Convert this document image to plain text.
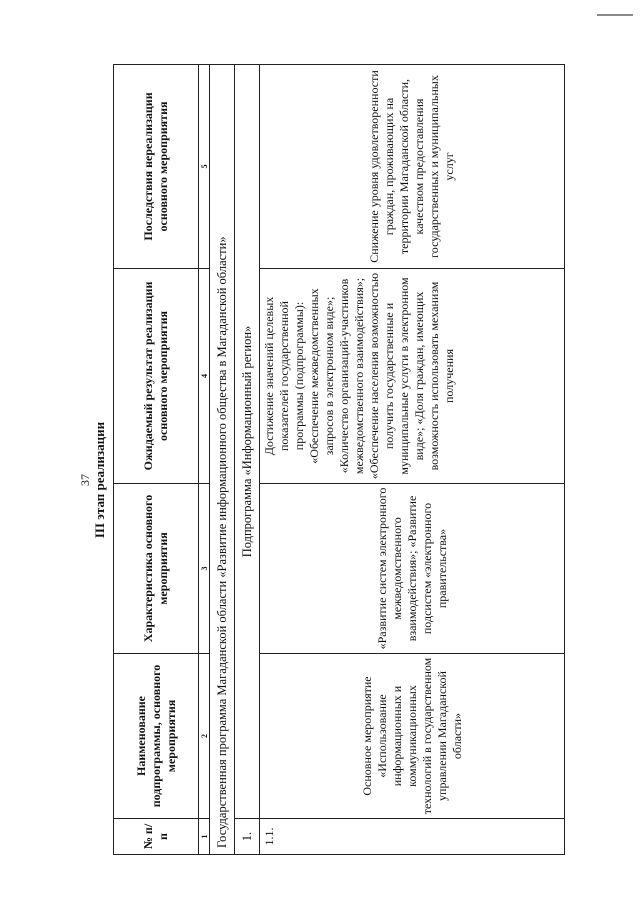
37 III этап реализации
№ п/п	Наименование подпрограммы, основного мероприятия	Характеристика основного мероприятия	Ожидаемый результат реализации основного мероприятия	Последствия нереализации основного мероприятия
1	2	3	4	5
Государственная программа Магаданской области «Развитие информационного общества в Магаданской области»				
1.	Подпрограмма «Информационный регион»			
1.1.	Основное мероприятие «Использование информационных и коммуникационных технологий в государственном управлении Магаданской области»	«Развитие систем электронного межведомственного взаимодействия»; «Развитие подсистем «электронного правительства»	Достижение значений целевых показателей государственной программы (подпрограммы): «Обеспечение межведомственных запросов в электронном виде»; «Количество организаций-участников межведомственного взаимодействия»; «Обеспечение населения возможностью получить государственные и муниципальные услуги в электронном виде»; «Доля граждан, имеющих возможность использовать механизм получения	Снижение уровня удовлетворенности граждан, проживающих на территории Магаданской области, качеством предоставления государственных и муниципальных услуг
